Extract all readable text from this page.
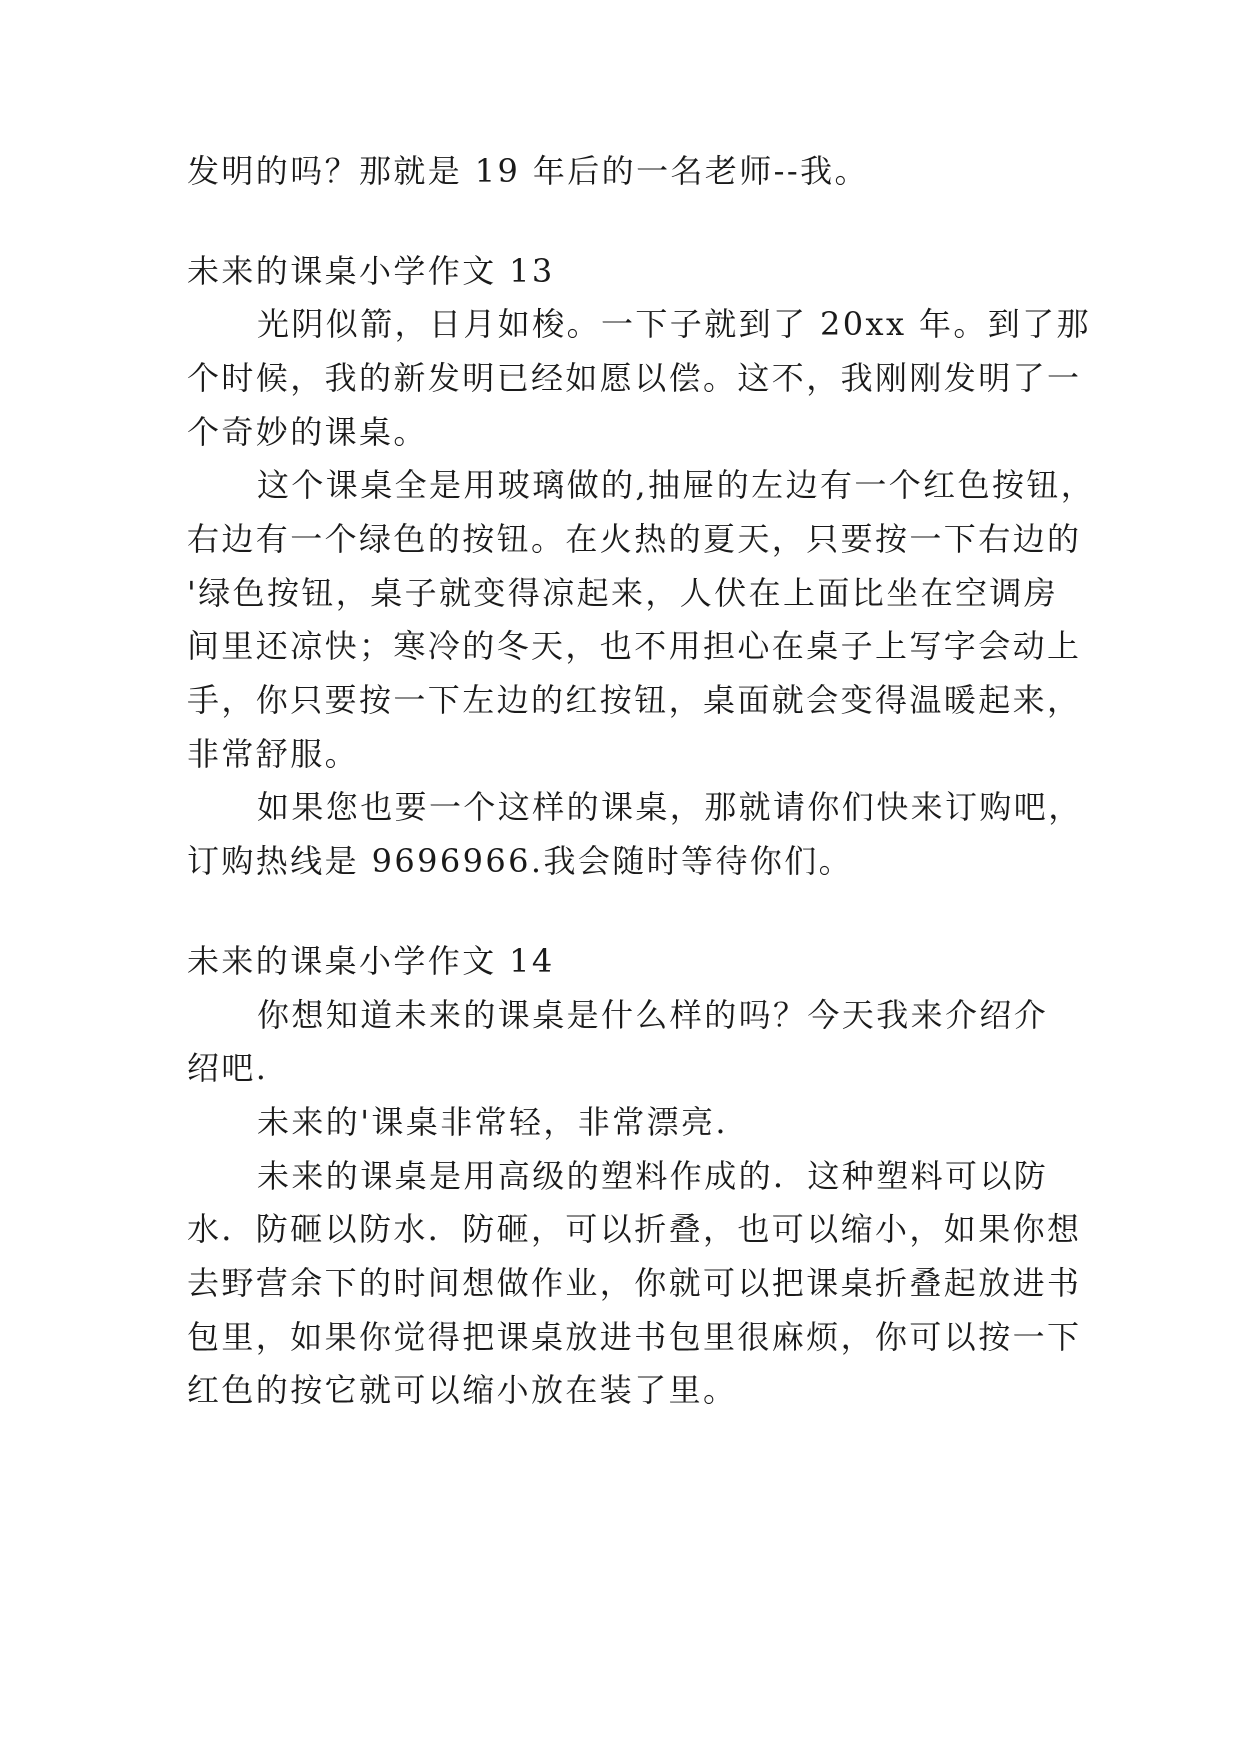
发明的吗？那就是 19 年后的一名老师--我。
未来的课桌小学作文 13
光阴似箭，日月如梭。一下子就到了 20xx 年。到了那
个时候，我的新发明已经如愿以偿。这不，我刚刚发明了一
个奇妙的课桌。
这个课桌全是用玻璃做的,抽屉的左边有一个红色按钮，
右边有一个绿色的按钮。在火热的夏天，只要按一下右边的
'绿色按钮，桌子就变得凉起来，人伏在上面比坐在空调房
间里还凉快；寒冷的冬天，也不用担心在桌子上写字会动上
手，你只要按一下左边的红按钮，桌面就会变得温暖起来，
非常舒服。
如果您也要一个这样的课桌，那就请你们快来订购吧，
订购热线是 9696966.我会随时等待你们。
未来的课桌小学作文 14
你想知道未来的课桌是什么样的吗？今天我来介绍介
绍吧.
未来的'课桌非常轻，非常漂亮.
未来的课桌是用高级的塑料作成的．这种塑料可以防
水．防砸以防水．防砸，可以折叠，也可以缩小，如果你想
去野营余下的时间想做作业，你就可以把课桌折叠起放进书
包里，如果你觉得把课桌放进书包里很麻烦，你可以按一下
红色的按它就可以缩小放在装了里。
